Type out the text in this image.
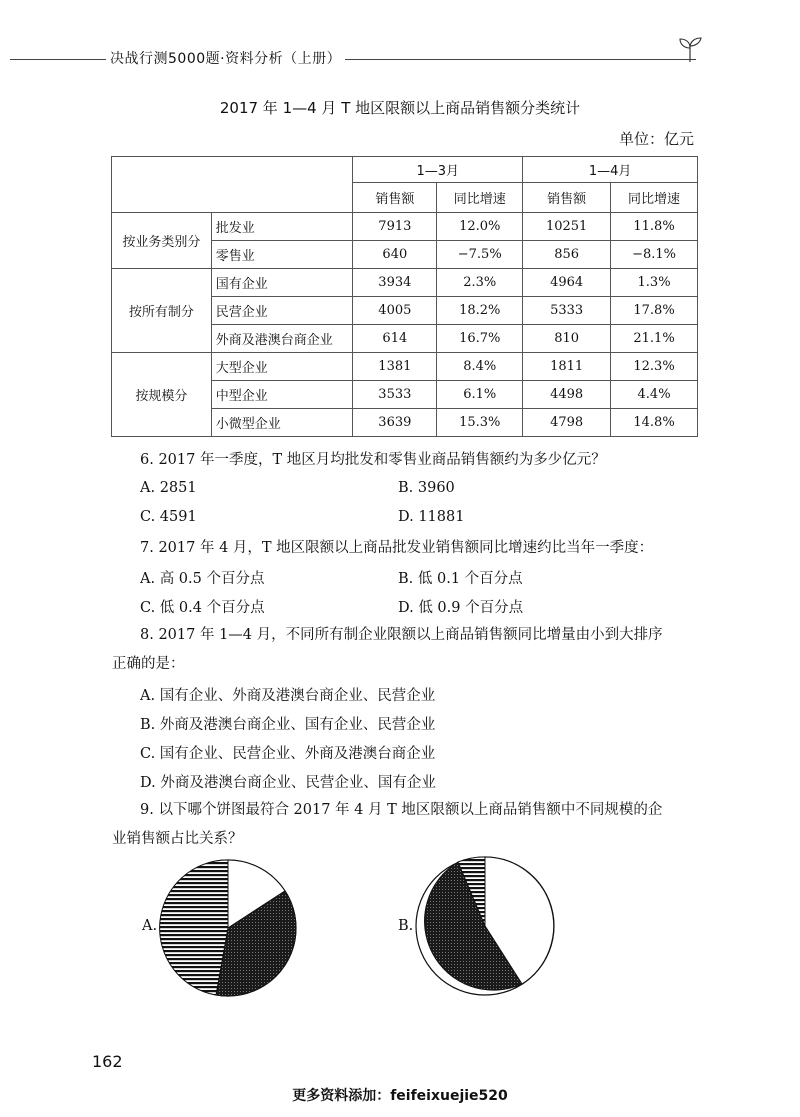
决战行测5000题·资料分析（上册）
2017 年 1—4 月 T 地区限额以上商品销售额分类统计
单位：亿元
		1—3月		1—4月	
		销售额	同比增速	销售额	同比增速
按业务类别分	批发业	7913	12.0%	10251	11.8%
	零售业	640	−7.5%	856	−8.1%
按所有制分	国有企业	3934	2.3%	4964	1.3%
	民营企业	4005	18.2%	5333	17.8%
	外商及港澳台商企业	614	16.7%	810	21.1%
按规模分	大型企业	1381	8.4%	1811	12.3%
	中型企业	3533	6.1%	4498	4.4%
	小微型企业	3639	15.3%	4798	14.8%
6. 2017 年一季度，T 地区月均批发和零售业商品销售额约为多少亿元？
A. 2851	B. 3960
C. 4591	D. 11881
7. 2017 年 4 月，T 地区限额以上商品批发业销售额同比增速约比当年一季度：
A. 高 0.5 个百分点	B. 低 0.1 个百分点
C. 低 0.4 个百分点	D. 低 0.9 个百分点
8. 2017 年 1—4 月，不同所有制企业限额以上商品销售额同比增量由小到大排序
正确的是：
A. 国有企业、外商及港澳台商企业、民营企业
B. 外商及港澳台商企业、国有企业、民营企业
C. 国有企业、民营企业、外商及港澳台商企业
D. 外商及港澳台商企业、民营企业、国有企业
9. 以下哪个饼图最符合 2017 年 4 月 T 地区限额以上商品销售额中不同规模的企
业销售额占比关系？
A.	B.
162
更多资料添加：feifeixuejie520
